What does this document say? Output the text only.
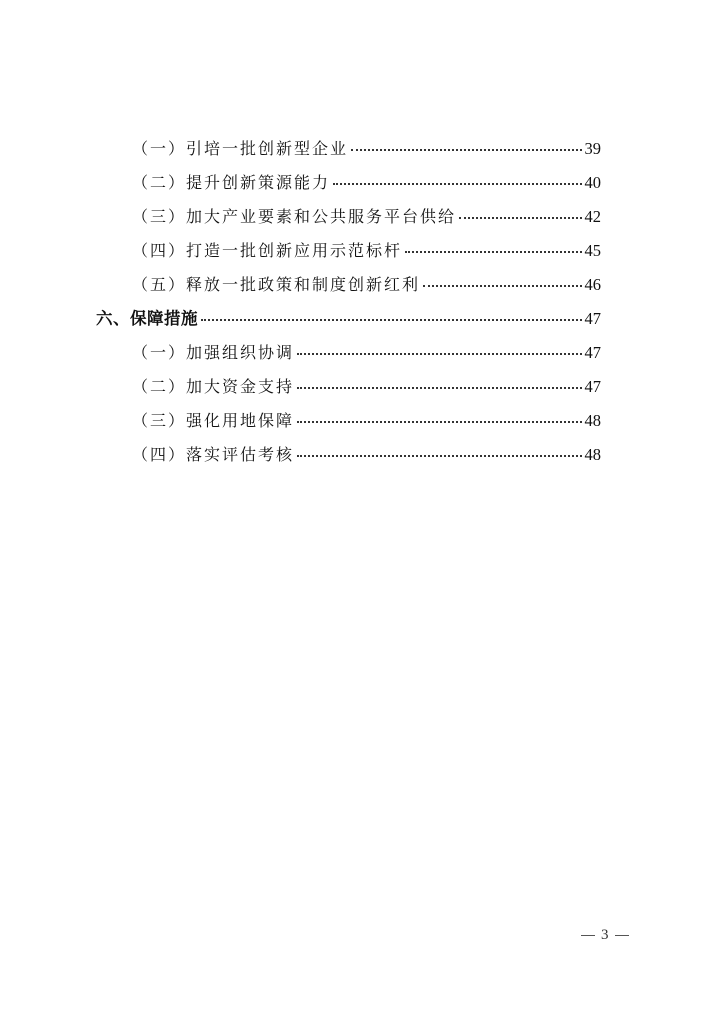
（一）引培一批创新型企业	39
（二）提升创新策源能力	40
（三）加大产业要素和公共服务平台供给	42
（四）打造一批创新应用示范标杆	45
（五）释放一批政策和制度创新红利	46
六、保障措施	47
（一）加强组织协调	47
（二）加大资金支持	47
（三）强化用地保障	48
（四）落实评估考核	48
3
